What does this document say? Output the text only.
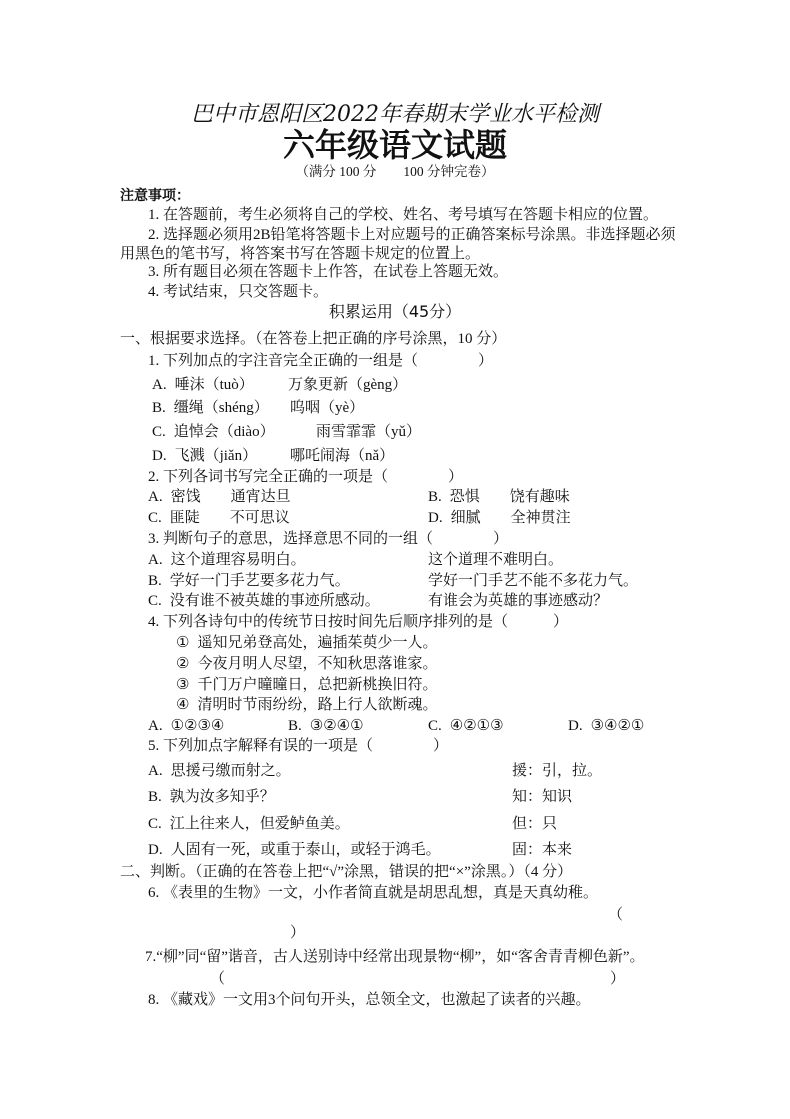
巴中市恩阳区2022年春期末学业水平检测
六年级语文试题
（满分 100 分　　100 分钟完卷）
注意事项：
1. 在答题前，考生必须将自己的学校、姓名、考号填写在答题卡相应的位置。
2. 选择题必须用2B铅笔将答题卡上对应题号的正确答案标号涂黑。非选择题必须
用黑色的笔书写，将答案书写在答题卡规定的位置上。
3. 所有题目必须在答题卡上作答，在试卷上答题无效。
4. 考试结束，只交答题卡。
积累运用（45分）
一、根据要求选择。（在答卷上把正确的序号涂黑，10 分）
1. 下列加点的字注音完全正确的一组是（　　　　）
A. 唾沫（tuò） 万象更新（gèng）
B. 缰绳（shéng） 呜咽（yè）
C. 追悼会（diào）	雨雪霏霏（yǔ）
D. 飞溅（jiǎn） 哪吒闹海（nǎ）
2. 下列各词书写完全正确的一项是（　　　　）
A. 密饯　　通宵达旦	B. 恐惧　　饶有趣味
C. 匪陡　　不可思议	D. 细腻　　全神贯注
3. 判断句子的意思，选择意思不同的一组（　　　　）
A. 这个道理容易明白。	这个道理不难明白。
B. 学好一门手艺要多花力气。	学好一门手艺不能不多花力气。
C. 没有谁不被英雄的事迹所感动。	有谁会为英雄的事迹感动？
4. 下列各诗句中的传统节日按时间先后顺序排列的是（　　　）
① 遥知兄弟登高处，遍插茱萸少一人。
② 今夜月明人尽望，不知秋思落谁家。
③ 千门万户曈曈日，总把新桃换旧符。
④ 清明时节雨纷纷，路上行人欲断魂。
A. ①②③④	B. ③②④①	C. ④②①③	D. ③④②①
5. 下列加点字解释有误的一项是（　　　　）
A. 思援弓缴而射之。	援：引，拉。
B. 孰为汝多知乎？	知：知识
C. 江上往来人，但爱鲈鱼美。	但：只
D. 人固有一死，或重于泰山，或轻于鸿毛。	固：本来
二、判断。（正确的在答卷上把“√”涂黑，错误的把“×”涂黑。）（4 分）
6. 《表里的生物》一文，小作者简直就是胡思乱想，真是天真幼稚。
（
）
7.“柳”同“留”谐音，古人送别诗中经常出现景物“柳”，如“客舍青青柳色新”。
（	）
8. 《藏戏》一文用3个问句开头，总领全文，也激起了读者的兴趣。
